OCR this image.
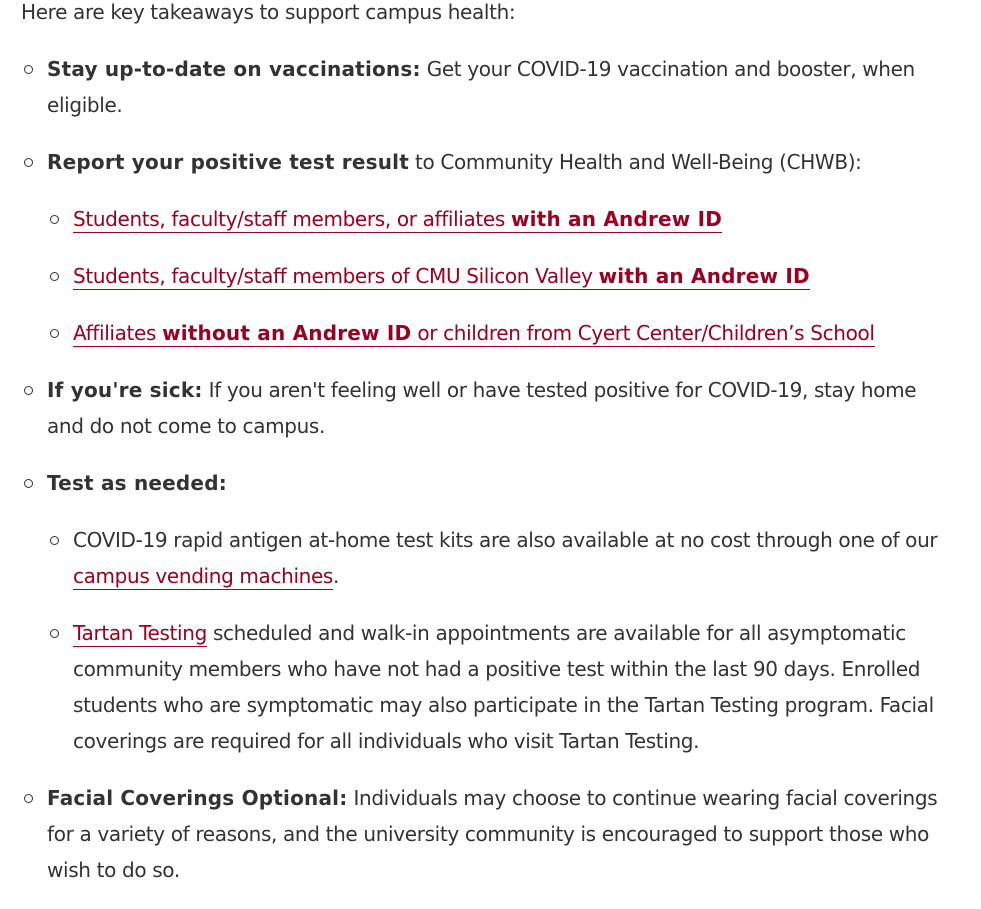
Here are key takeaways to support campus health:

Stay up-to-date on vaccinations: Get your COVID-19 vaccination and booster, when eligible.
Report your positive test result to Community Health and Well-Being (CHWB):
Students, faculty/staff members, or affiliates with an Andrew ID
Students, faculty/staff members of CMU Silicon Valley with an Andrew ID
Affiliates without an Andrew ID or children from Cyert Center/Children’s School
If you're sick: If you aren't feeling well or have tested positive for COVID-19, stay home and do not come to campus.
Test as needed:
COVID-19 rapid antigen at-home test kits are also available at no cost through one of our campus vending machines.
Tartan Testing scheduled and walk-in appointments are available for all asymptomatic community members who have not had a positive test within the last 90 days. Enrolled students who are symptomatic may also participate in the Tartan Testing program. Facial coverings are required for all individuals who visit Tartan Testing.
Facial Coverings Optional: Individuals may choose to continue wearing facial coverings for a variety of reasons, and the university community is encouraged to support those who wish to do so.
